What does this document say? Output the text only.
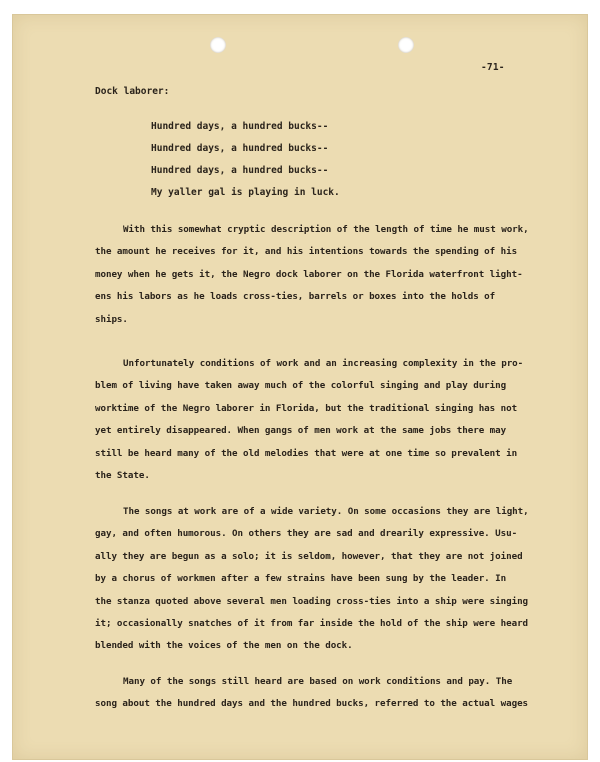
-71-
Dock laborer:
Hundred days, a hundred bucks--
Hundred days, a hundred bucks--
Hundred days, a hundred bucks--
My yaller gal is playing in luck.
With this somewhat cryptic description of the length of time he must work,
the amount he receives for it, and his intentions towards the spending of his
money when he gets it, the Negro dock laborer on the Florida waterfront light-
ens his labors as he loads cross-ties, barrels or boxes into the holds of
ships.
Unfortunately conditions of work and an increasing complexity in the pro-
blem of living have taken away much of the colorful singing and play during
worktime of the Negro laborer in Florida, but the traditional singing has not
yet entirely disappeared. When gangs of men work at the same jobs there may
still be heard many of the old melodies that were at one time so prevalent in
the State.
The songs at work are of a wide variety. On some occasions they are light,
gay, and often humorous. On others they are sad and drearily expressive. Usu-
ally they are begun as a solo; it is seldom, however, that they are not joined
by a chorus of workmen after a few strains have been sung by the leader. In
the stanza quoted above several men loading cross-ties into a ship were singing
it; occasionally snatches of it from far inside the hold of the ship were heard
blended with the voices of the men on the dock.
Many of the songs still heard are based on work conditions and pay. The
song about the hundred days and the hundred bucks, referred to the actual wages
